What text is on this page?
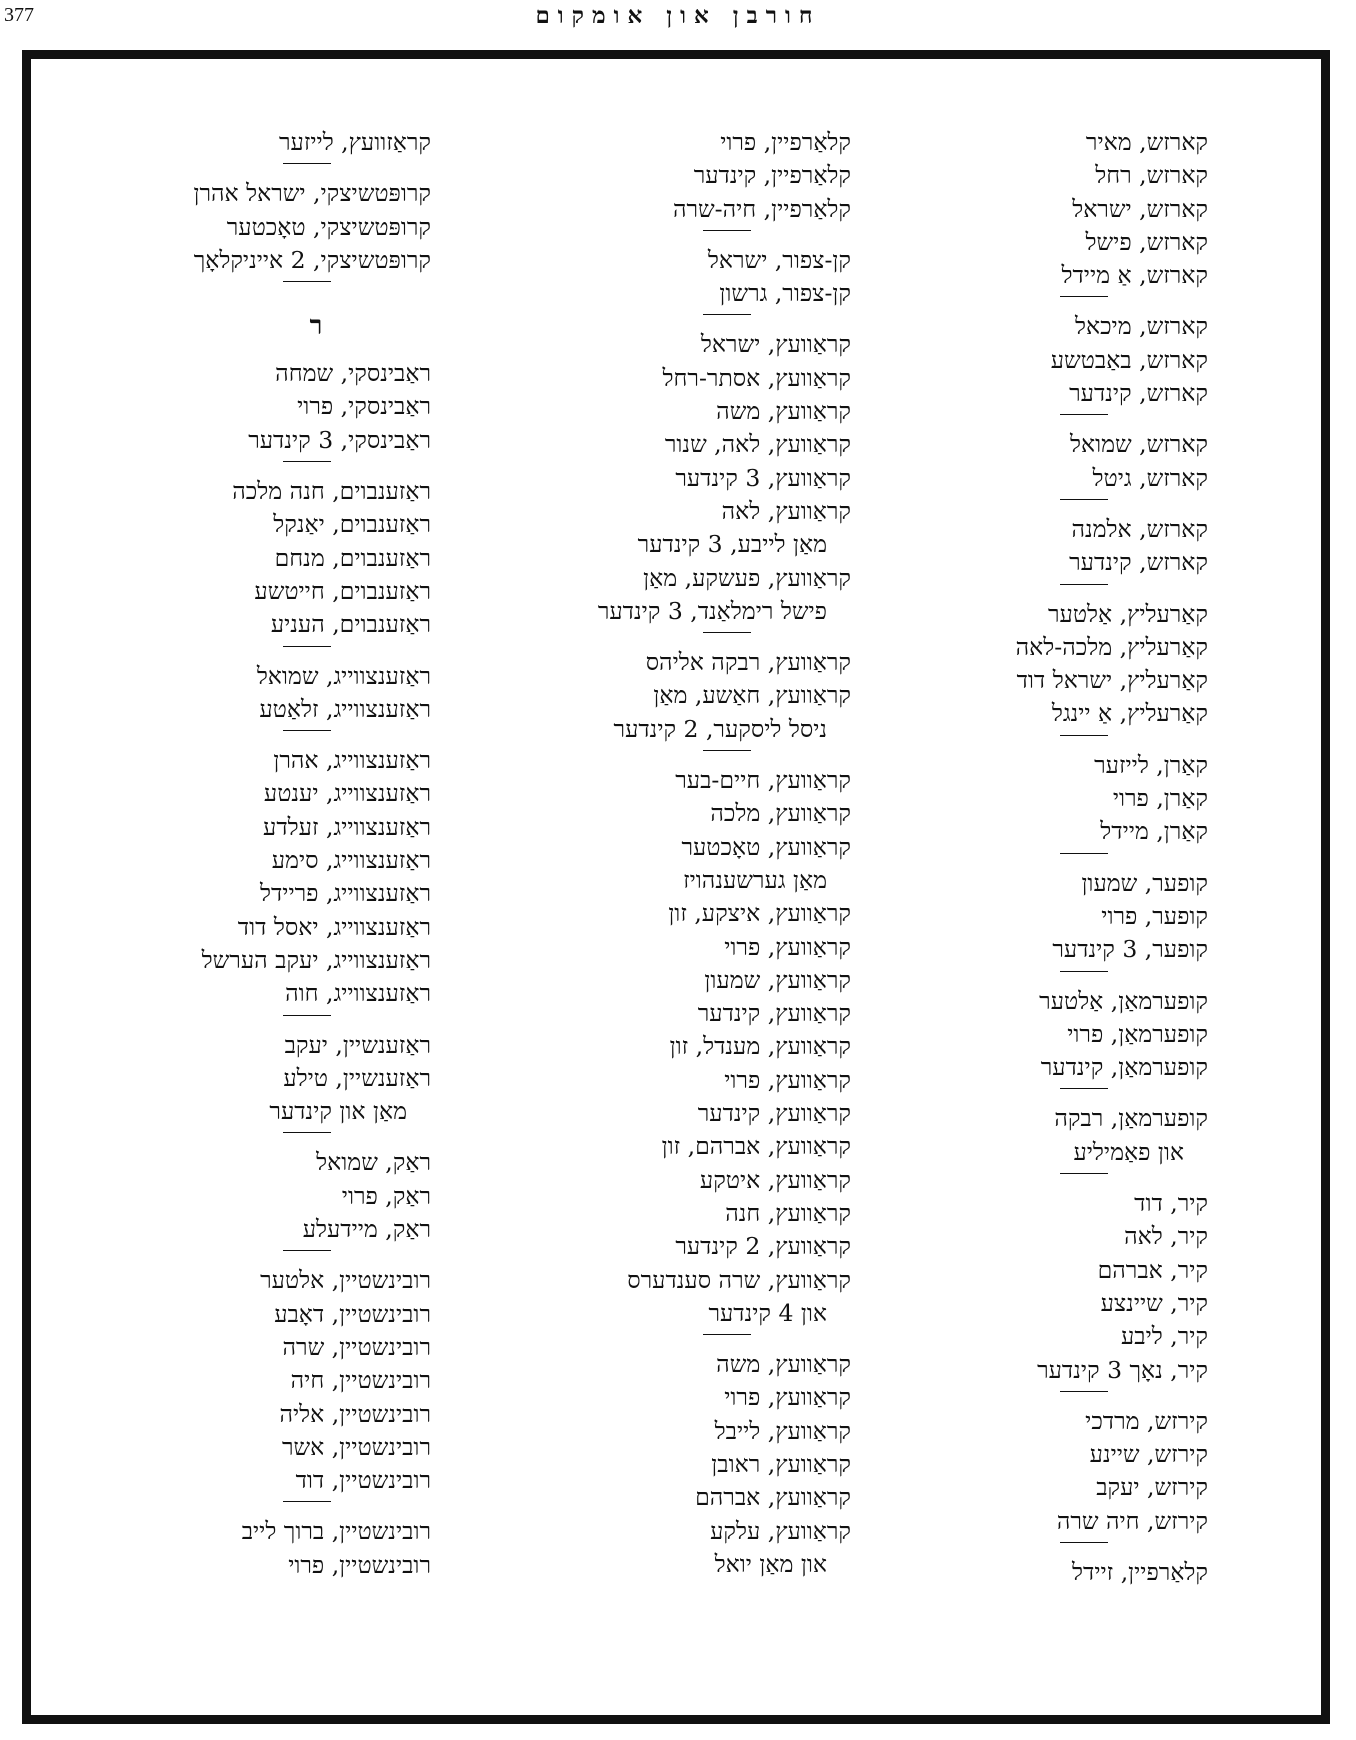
377	חורבן און אומקום
קארזש, מאיר
קארזש, רחל
קארזש, ישראל
קארזש, פישל
קארזש, אַ מיידל
קארזש, מיכאל
קארזש, באַבטשע
קארזש, קינדער
קארזש, שמואל
קארזש, גיטל
קארזש, אלמנה
קארזש, קינדער
קאַרעליץ, אַלטער
קאַרעליץ, מלכה-לאה
קאַרעליץ, ישראל דוד
קאַרעליץ, אַ יינגל
קאַרן, לייזער
קאַרן, פרוי
קאַרן, מיידל
קופער, שמעון
קופער, פרוי
קופער, 3 קינדער
קופערמאַן, אַלטער
קופערמאַן, פרוי
קופערמאַן, קינדער
קופערמאַן, רבקה
און פאַמיליע
קיר, דוד
קיר, לאה
קיר, אברהם
קיר, שיינצע
קיר, ליבע
קיר, נאָך 3 קינדער
קירזש, מרדכי
קירזש, שיינע
קירזש, יעקב
קירזש, חיה שרה
קלאַרפיין, זיידל
קלאַרפיין, פרוי
קלאַרפיין, קינדער
קלאַרפיין, חיה-שרה
קן-צפור, ישראל
קן-צפור, גרשון
קראַוועץ, ישראל
קראַוועץ, אסתר-רחל
קראַוועץ, משה
קראַוועץ, לאה, שנור
קראַוועץ, 3 קינדער
קראַוועץ, לאה
מאַן לייבע, 3 קינדער
קראַוועץ, פעשקע, מאַן
פישל רימלאַנד, 3 קינדער
קראַוועץ, רבקה אליהס
קראַוועץ, חאַשע, מאַן
ניסל ליסקער, 2 קינדער
קראַוועץ, חיים-בער
קראַוועץ, מלכה
קראַוועץ, טאָכטער
מאַן גערשענהויז
קראַוועץ, איצקע, זון
קראַוועץ, פרוי
קראַוועץ, שמעון
קראַוועץ, קינדער
קראַוועץ, מענדל, זון
קראַוועץ, פרוי
קראַוועץ, קינדער
קראַוועץ, אברהם, זון
קראַוועץ, איטקע
קראַוועץ, חנה
קראַוועץ, 2 קינדער
קראַוועץ, שרה סענדערס
און 4 קינדער
קראַוועץ, משה
קראַוועץ, פרוי
קראַוועץ, לייבל
קראַוועץ, ראובן
קראַוועץ, אברהם
קראַוועץ, עלקע
און מאַן יואל
קראַזוועץ, לייזער
קרופּטשיצקי, ישראל אהרן
קרופּטשיצקי, טאָכטער
קרופּטשיצקי, 2 אייניקלאָך
ר
ראַבינסקי, שמחה
ראַבינסקי, פרוי
ראַבינסקי, 3 קינדער
ראַזענבוים, חנה מלכה
ראַזענבוים, יאַנקל
ראַזענבוים, מנחם
ראַזענבוים, חייטשע
ראַזענבוים, העניע
ראַזענצווייג, שמואל
ראַזענצווייג, זלאַטע
ראַזענצווייג, אהרן
ראַזענצווייג, יענטע
ראַזענצווייג, זעלדע
ראַזענצווייג, סימע
ראַזענצווייג, פריידל
ראַזענצווייג, יאסל דוד
ראַזענצווייג, יעקב הערשל
ראַזענצווייג, חוה
ראַזענשיין, יעקב
ראַזענשיין, טילע
מאַן און קינדער
ראַק, שמואל
ראַק, פרוי
ראַק, מיידעלע
רובינשטיין, אלטער
רובינשטיין, דאָבע
רובינשטיין, שרה
רובינשטיין, חיה
רובינשטיין, אליה
רובינשטיין, אשר
רובינשטיין, דוד
רובינשטיין, ברוך לייב
רובינשטיין, פרוי
